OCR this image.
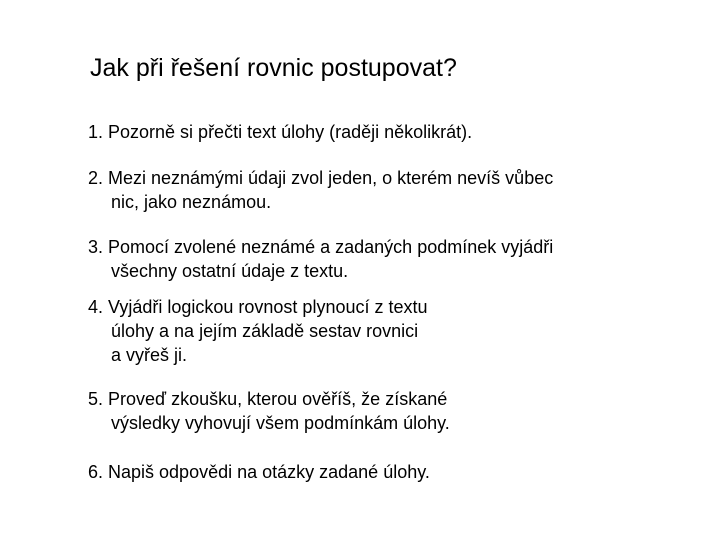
Jak při řešení rovnic postupovat?
1. Pozorně si přečti text úlohy (raději několikrát).
2. Mezi neznámými údaji zvol jeden, o kterém nevíš vůbec
nic, jako neznámou.
3. Pomocí zvolené neznámé a zadaných podmínek vyjádři
všechny ostatní údaje z textu.
4. Vyjádři logickou rovnost plynoucí z textu
úlohy a na jejím základě sestav rovnici
a vyřeš ji.
5. Proveď zkoušku, kterou ověříš, že získané
výsledky vyhovují všem podmínkám úlohy.
6. Napiš odpovědi na otázky zadané úlohy.
